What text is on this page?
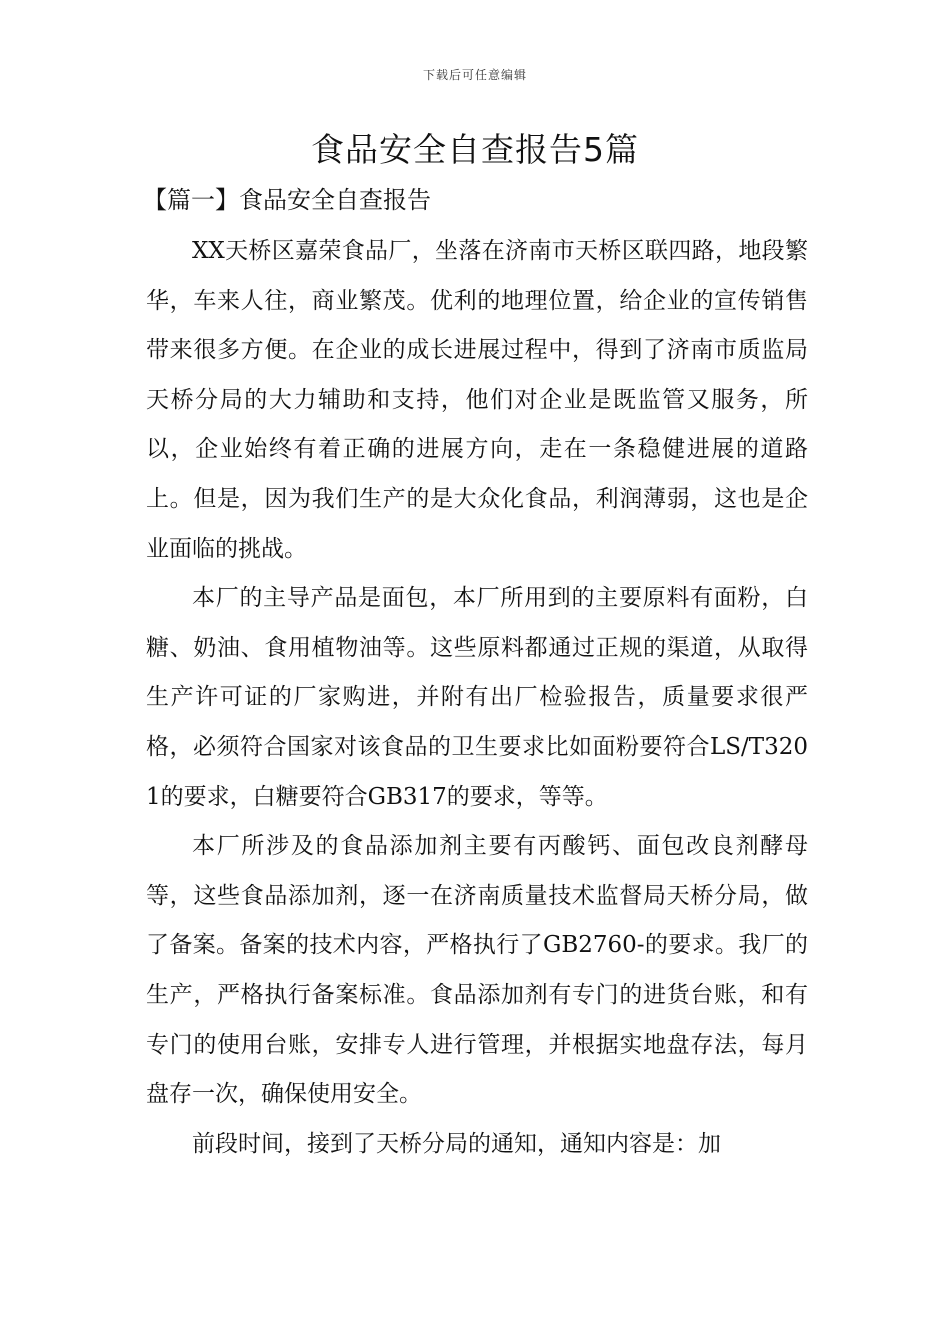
下载后可任意编辑
食品安全自查报告5篇
【篇一】食品安全自查报告

XX天桥区嘉荣食品厂，坐落在济南市天桥区联四路，地段繁华，车来人往，商业繁茂。优利的地理位置，给企业的宣传销售带来很多方便。在企业的成长进展过程中，得到了济南市质监局天桥分局的大力辅助和支持，他们对企业是既监管又服务，所以，企业始终有着正确的进展方向，走在一条稳健进展的道路上。但是，因为我们生产的是大众化食品，利润薄弱，这也是企业面临的挑战。

本厂的主导产品是面包，本厂所用到的主要原料有面粉，白糖、奶油、食用植物油等。这些原料都通过正规的渠道，从取得生产许可证的厂家购进，并附有出厂检验报告，质量要求很严格，必须符合国家对该食品的卫生要求比如面粉要符合LS/T3201的要求，白糖要符合GB317的要求，等等。

本厂所涉及的食品添加剂主要有丙酸钙、面包改良剂酵母等，这些食品添加剂，逐一在济南质量技术监督局天桥分局，做了备案。备案的技术内容，严格执行了GB2760-的要求。我厂的生产，严格执行备案标准。食品添加剂有专门的进货台账，和有专门的使用台账，安排专人进行管理，并根据实地盘存法，每月盘存一次，确保使用安全。

前段时间，接到了天桥分局的通知，通知内容是：加
